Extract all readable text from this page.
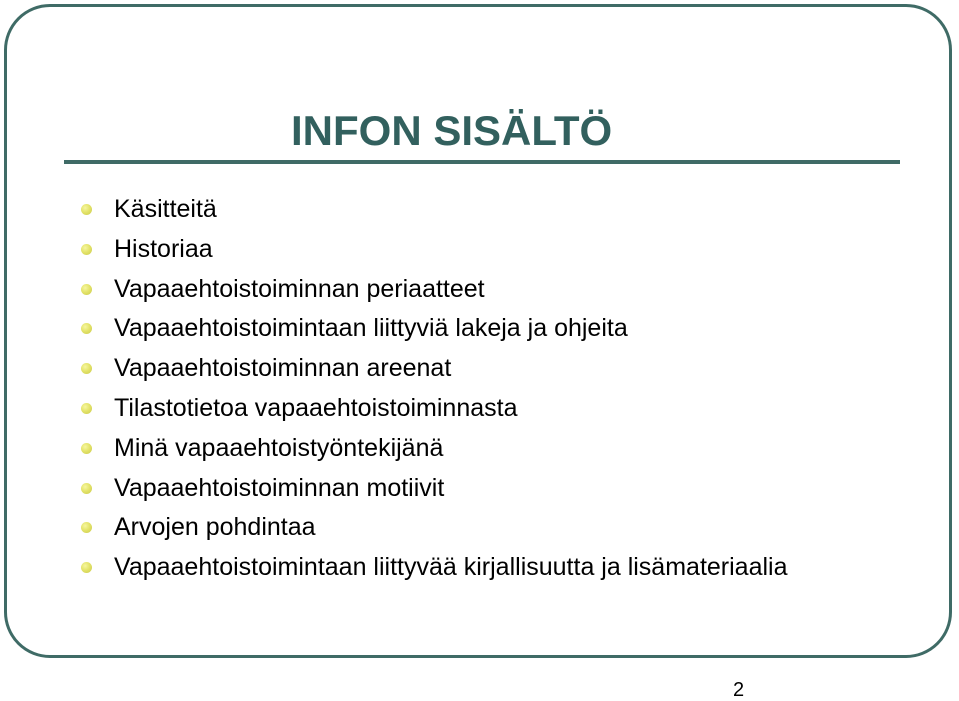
INFON SISÄLTÖ
Käsitteitä
Historiaa
Vapaaehtoistoiminnan periaatteet
Vapaaehtoistoimintaan liittyviä lakeja ja ohjeita
Vapaaehtoistoiminnan areenat
Tilastotietoa vapaaehtoistoiminnasta
Minä vapaaehtoistyöntekijänä
Vapaaehtoistoiminnan motiivit
Arvojen pohdintaa
Vapaaehtoistoimintaan liittyvää kirjallisuutta ja lisämateriaalia
2
